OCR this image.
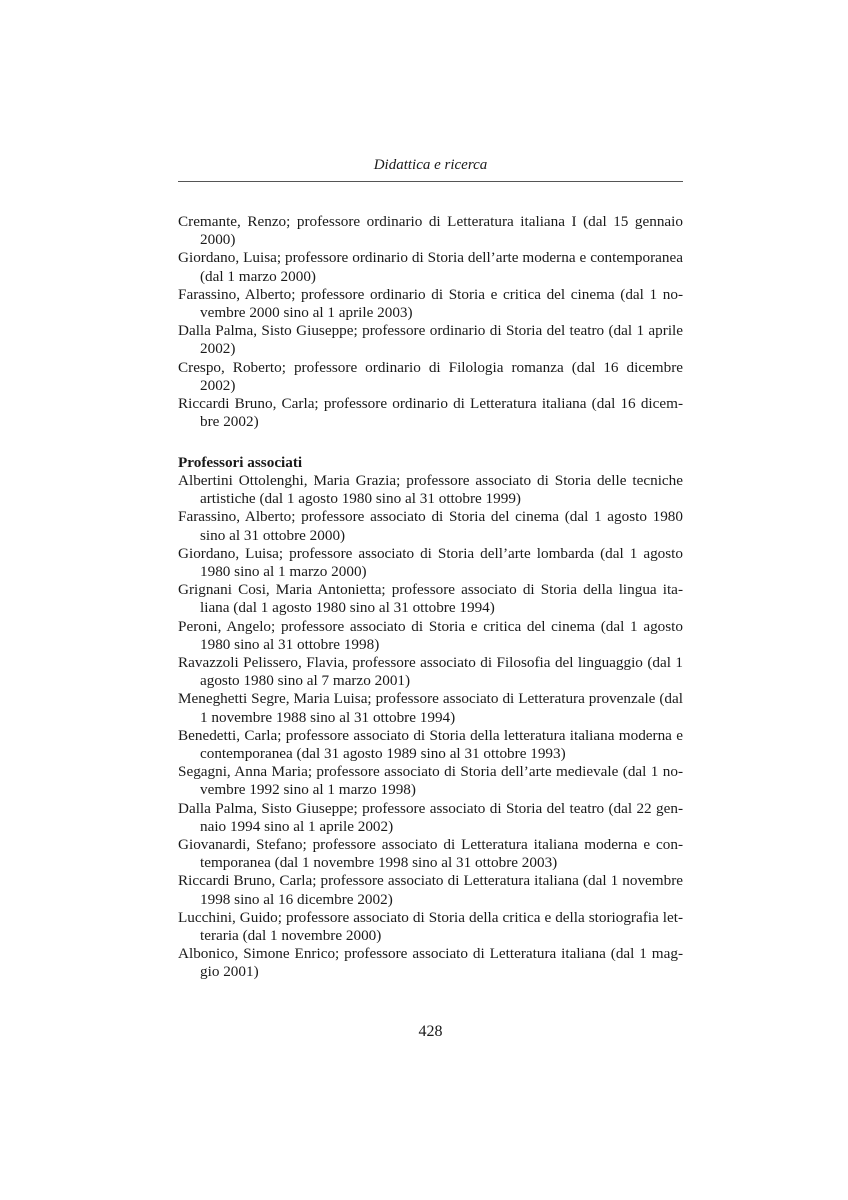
Didattica e ricerca
Cremante, Renzo; professore ordinario di Letteratura italiana I (dal 15 gennaio 2000)
Giordano, Luisa; professore ordinario di Storia dell’arte moderna e contemporanea (dal 1 marzo 2000)
Farassino, Alberto; professore ordinario di Storia e critica del cinema (dal 1 novembre 2000 sino al 1 aprile 2003)
Dalla Palma, Sisto Giuseppe; professore ordinario di Storia del teatro (dal 1 aprile 2002)
Crespo, Roberto; professore ordinario di Filologia romanza (dal 16 dicembre 2002)
Riccardi Bruno, Carla; professore ordinario di Letteratura italiana (dal 16 dicembre 2002)
Professori associati
Albertini Ottolenghi, Maria Grazia; professore associato di Storia delle tecniche artistiche (dal 1 agosto 1980 sino al 31 ottobre 1999)
Farassino, Alberto; professore associato di Storia del cinema (dal 1 agosto 1980 sino al 31 ottobre 2000)
Giordano, Luisa; professore associato di Storia dell’arte lombarda (dal 1 agosto 1980 sino al 1 marzo 2000)
Grignani Cosi, Maria Antonietta; professore associato di Storia della lingua italiana (dal 1 agosto 1980 sino al 31 ottobre 1994)
Peroni, Angelo; professore associato di Storia e critica del cinema (dal 1 agosto 1980 sino al 31 ottobre 1998)
Ravazzoli Pelissero, Flavia, professore associato di Filosofia del linguaggio (dal 1 agosto 1980 sino al 7 marzo 2001)
Meneghetti Segre, Maria Luisa; professore associato di Letteratura provenzale (dal 1 novembre 1988 sino al 31 ottobre 1994)
Benedetti, Carla; professore associato di Storia della letteratura italiana moderna e contemporanea (dal 31 agosto 1989 sino al 31 ottobre 1993)
Segagni, Anna Maria; professore associato di Storia dell’arte medievale (dal 1 novembre 1992 sino al 1 marzo 1998)
Dalla Palma, Sisto Giuseppe; professore associato di Storia del teatro (dal 22 gennaio 1994 sino al 1 aprile 2002)
Giovanardi, Stefano; professore associato di Letteratura italiana moderna e contemporanea (dal 1 novembre 1998 sino al 31 ottobre 2003)
Riccardi Bruno, Carla; professore associato di Letteratura italiana (dal 1 novembre 1998 sino al 16 dicembre 2002)
Lucchini, Guido; professore associato di Storia della critica e della storiografia letteraria (dal 1 novembre 2000)
Albonico, Simone Enrico; professore associato di Letteratura italiana (dal 1 maggio 2001)
428
